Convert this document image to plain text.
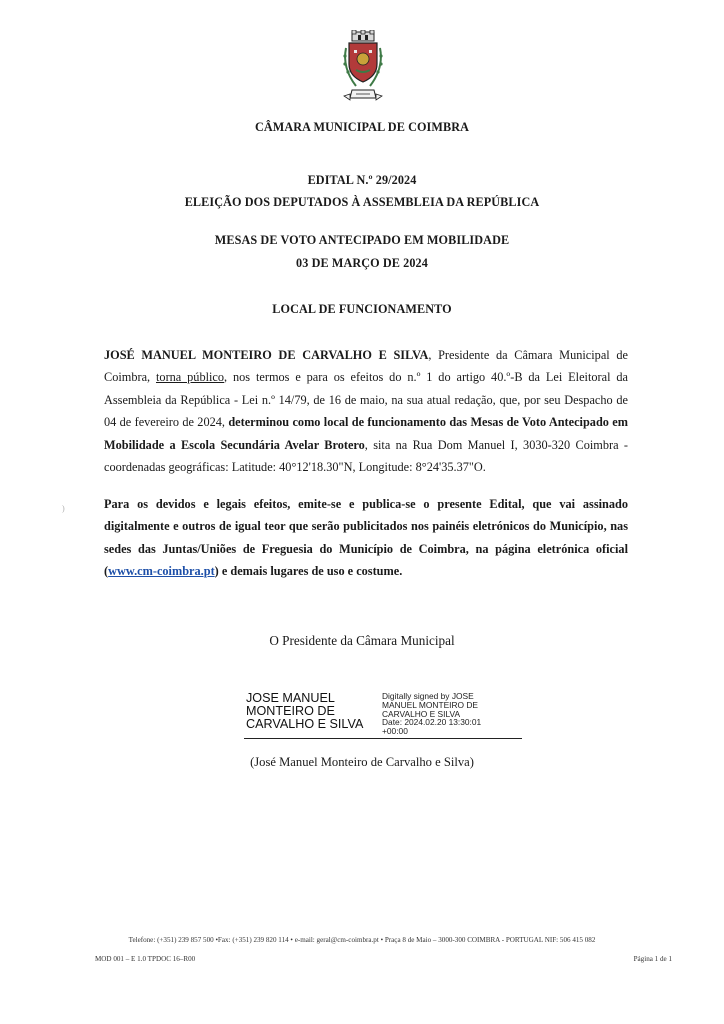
CÂMARA MUNICIPAL DE COIMBRA
EDITAL N.º 29/2024
ELEIÇÃO DOS DEPUTADOS À ASSEMBLEIA DA REPÚBLICA
MESAS DE VOTO ANTECIPADO EM MOBILIDADE
03 DE MARÇO DE 2024
LOCAL DE FUNCIONAMENTO
JOSÉ MANUEL MONTEIRO DE CARVALHO E SILVA, Presidente da Câmara Municipal de Coimbra, torna público, nos termos e para os efeitos do n.º 1 do artigo 40.º-B da Lei Eleitoral da Assembleia da República - Lei n.º 14/79, de 16 de maio, na sua atual redação, que, por seu Despacho de 04 de fevereiro de 2024, determinou como local de funcionamento das Mesas de Voto Antecipado em Mobilidade a Escola Secundária Avelar Brotero, sita na Rua Dom Manuel I, 3030-320 Coimbra - coordenadas geográficas: Latitude: 40°12'18.30"N, Longitude: 8°24'35.37"O.
Para os devidos e legais efeitos, emite-se e publica-se o presente Edital, que vai assinado digitalmente e outros de igual teor que serão publicitados nos painéis eletrónicos do Município, nas sedes das Juntas/Uniões de Freguesia do Município de Coimbra, na página eletrónica oficial (www.cm-coimbra.pt) e demais lugares de uso e costume.
O Presidente da Câmara Municipal
JOSE MANUEL
MONTEIRO DE
CARVALHO E SILVA
Digitally signed by JOSE
MANUEL MONTEIRO DE
CARVALHO E SILVA
Date: 2024.02.20 13:30:01
+00:00
(José Manuel Monteiro de Carvalho e Silva)
Telefone: (+351) 239 857 500 •Fax: (+351) 239 820 114 • e-mail: geral@cm-coimbra.pt • Praça 8 de Maio – 3000-300 COIMBRA - PORTUGAL NIF: 506 415 082
MOD 001 – E 1.0 TPDOC 16–R00	Página 1 de 1
)
